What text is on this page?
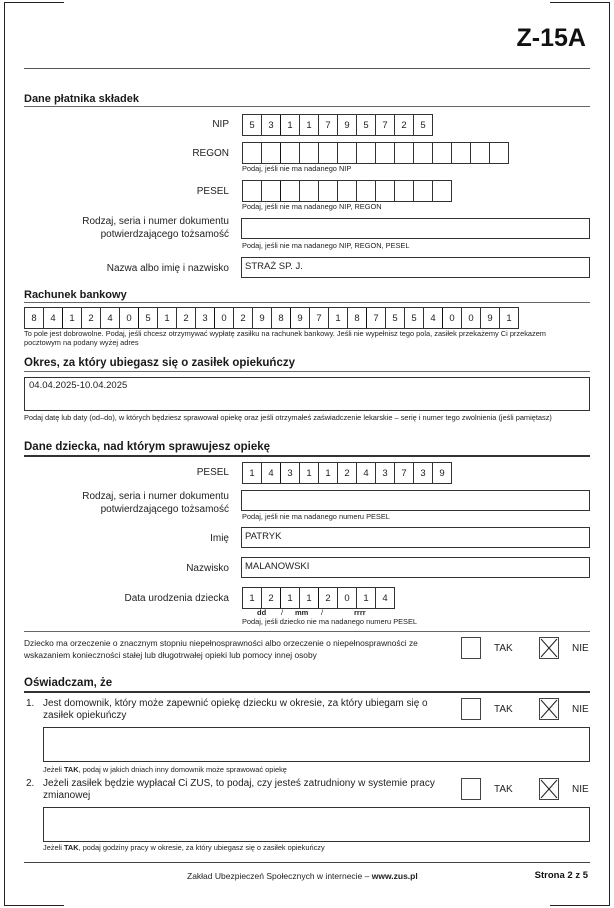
Z-15A
Dane płatnika składek
NIP	5	3	1	1	7	9	5	7	2	5
REGON
Podaj, jeśli nie ma nadanego NIP
PESEL
Podaj, jeśli nie ma nadanego NIP, REGON
Rodzaj, seria i numer dokumentu
potwierdzającego tożsamość
Podaj, jeśli nie ma nadanego NIP, REGON, PESEL
Nazwa albo imię i nazwisko	STRAŻ SP. J.
Rachunek bankowy
8	4	1	2	4	0	5	1	2	3	0	2	9	8	9	7	1	8	7	5	5	4	0	0	9	1
To pole jest dobrowolne. Podaj, jeśli chcesz otrzymywać wypłatę zasiłku na rachunek bankowy. Jeśli nie wypełnisz tego pola, zasiłek przekażemy Ci przekazem pocztowym na podany wyżej adres
Okres, za który ubiegasz się o zasiłek opiekuńczy
04.04.2025-10.04.2025
Podaj datę lub daty (od–do), w których będziesz sprawował opiekę oraz jeśli otrzymałeś zaświadczenie lekarskie – serię i numer tego zwolnienia (jeśli pamiętasz)
Dane dziecka, nad którym sprawujesz opiekę
PESEL	1	4	3	1	1	2	4	3	7	3	9
Rodzaj, seria i numer dokumentu
potwierdzającego tożsamość
Podaj, jeśli nie ma nadanego numeru PESEL
Imię	PATRYK
Nazwisko	MALANOWSKI
Data urodzenia dziecka	1	2	1	1	2	0	1	4
dd / mm /	rrrr
Podaj, jeśli dziecko nie ma nadanego numeru PESEL
Dziecko ma orzeczenie o znacznym stopniu niepełnosprawności albo orzeczenie o niepełnosprawności ze wskazaniem konieczności stałej lub długotrwałej opieki lub pomocy innej osoby
TAK	NIE
Oświadczam, że
1. Jest domownik, który może zapewnić opiekę dziecku w okresie, za który ubiegam się o zasiłek opiekuńczy
TAK	NIE
Jeżeli TAK, podaj w jakich dniach inny domownik może sprawować opiekę
2. Jeżeli zasiłek będzie wypłacał Ci ZUS, to podaj, czy jesteś zatrudniony w systemie pracy zmianowej
TAK	NIE
Jeżeli TAK, podaj godziny pracy w okresie, za który ubiegasz się o zasiłek opiekuńczy
Zakład Ubezpieczeń Społecznych w internecie – www.zus.pl	Strona 2 z 5
